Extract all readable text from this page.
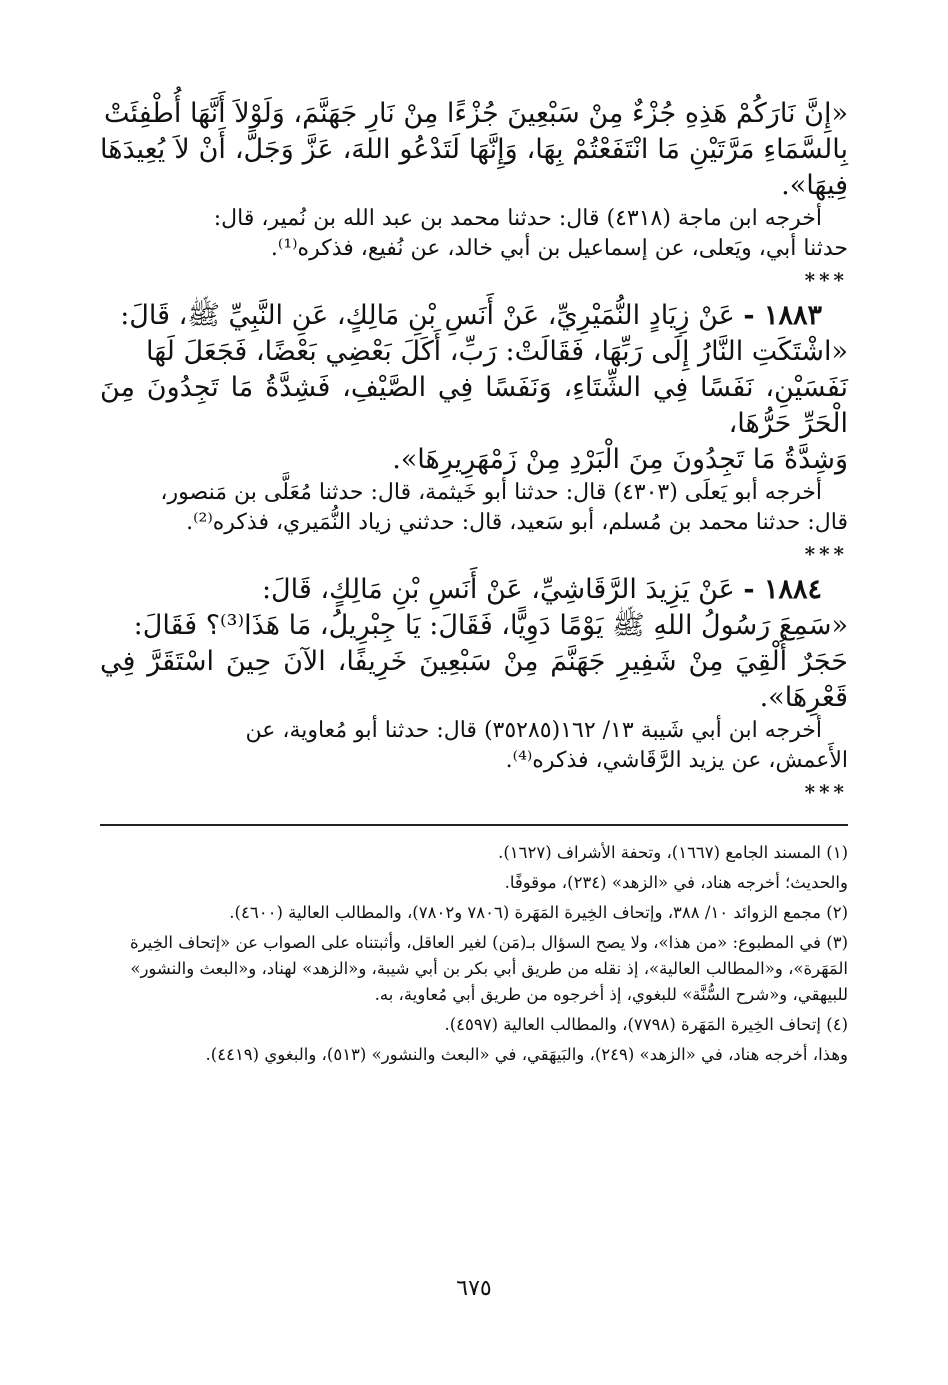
«إِنَّ نَارَكُمْ هَذِهِ جُزْءٌ مِنْ سَبْعِينَ جُزْءًا مِنْ نَارِ جَهَنَّمَ، وَلَوْلاَ أَنَّهَا أُطْفِئَتْ

بِالسَّمَاءِ مَرَّتَيْنِ مَا انْتَفَعْتُمْ بِهَا، وَإِنَّهَا لَتَدْعُو اللهَ، عَزَّ وَجَلَّ، أَنْ لاَ يُعِيدَهَا فِيهَا».

أخرجه ابن ماجة (٤٣١٨) قال: حدثنا محمد بن عبد الله بن نُمير، قال:

حدثنا أبي، ويَعلى، عن إسماعيل بن أبي خالد، عن نُفيع، فذكره⁽¹⁾.

***

١٨٨٣ - عَنْ زِيَادٍ النُّمَيْرِيِّ، عَنْ أَنَسِ بْنِ مَالِكٍ، عَنِ النَّبِيِّ ﷺ، قَالَ:

«اشْتَكَتِ النَّارُ إِلَى رَبِّهَا، فَقَالَتْ: رَبِّ، أَكَلَ بَعْضِي بَعْضًا، فَجَعَلَ لَهَا

نَفَسَيْنِ، نَفَسًا فِي الشِّتَاءِ، وَنَفَسًا فِي الصَّيْفِ، فَشِدَّةُ مَا تَجِدُونَ مِنَ الْحَرِّ حَرُّهَا،

وَشِدَّةُ مَا تَجِدُونَ مِنَ الْبَرْدِ مِنْ زَمْهَرِيرِهَا».

أخرجه أبو يَعلَى (٤٣٠٣) قال: حدثنا أبو خَيثمة، قال: حدثنا مُعَلَّى بن مَنصور،

قال: حدثنا محمد بن مُسلم، أبو سَعيد، قال: حدثني زياد النُّمَيري، فذكره⁽²⁾.

***

١٨٨٤ - عَنْ يَزِيدَ الرَّقَاشِيِّ، عَنْ أَنَسِ بْنِ مَالِكٍ، قَالَ:

«سَمِعَ رَسُولُ اللهِ ﷺ يَوْمًا دَوِيًّا، فَقَالَ: يَا جِبْرِيلُ، مَا هَذَا⁽³⁾؟ فَقَالَ:

حَجَرٌ أُلْقِيَ مِنْ شَفِيرِ جَهَنَّمَ مِنْ سَبْعِينَ خَرِيفًا، الآنَ حِينَ اسْتَقَرَّ فِي قَعْرِهَا».

أخرجه ابن أبي شَيبة ١٣/ ١٦٢(٣٥٢٨٥) قال: حدثنا أبو مُعاوية، عن

الأَعمش، عن يزيد الرَّقَاشي، فذكره⁽⁴⁾.

***

(١) المسند الجامع (١٦٦٧)، وتحفة الأشراف (١٦٢٧).

والحديث؛ أخرجه هناد، في «الزهد» (٢٣٤)، موقوفًا.

(٢) مجمع الزوائد ١٠/ ٣٨٨، وإتحاف الخِيرة المَهَرة (٧٨٠٦ و٧٨٠٢)، والمطالب العالية (٤٦٠٠).

(٣) في المطبوع: «من هذا»، ولا يصح السؤال بـ(مَن) لغير العاقل، وأثبتناه على الصواب عن «إتحاف الخِيرة المَهَرة»، و«المطالب العالية»، إذ نقله من طريق أبي بكر بن أبي شيبة، و«الزهد» لهناد، و«البعث والنشور» للبيهقي، و«شرح السُّنَّة» للبغوي، إذ أخرجوه من طريق أبي مُعاوية، به.

(٤) إتحاف الخِيرة المَهَرة (٧٧٩٨)، والمطالب العالية (٤٥٩٧).

وهذا، أخرجه هناد، في «الزهد» (٢٤٩)، والبَيهَقي، في «البعث والنشور» (٥١٣)، والبغوي (٤٤١٩).

٦٧٥
